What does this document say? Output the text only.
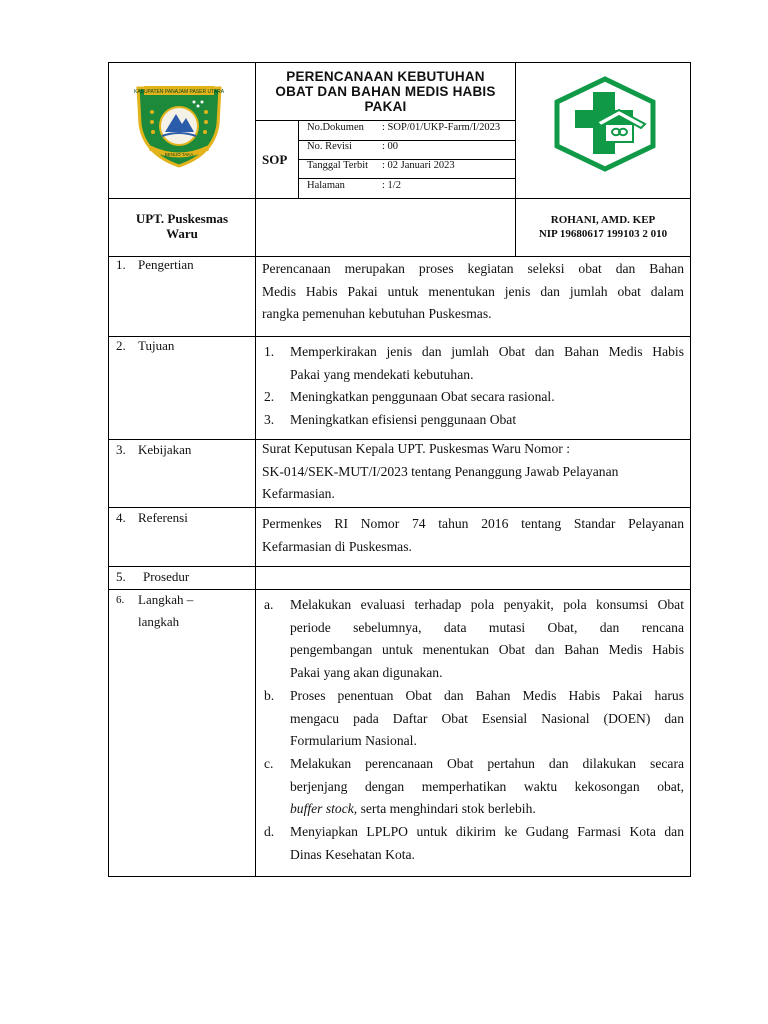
KABUPATEN PANAJAM PASER UTARA
BENUO TAKA
PERENCANAAN KEBUTUHAN
OBAT DAN BAHAN MEDIS HABIS
PAKAI
SOP
No.Dokumen : SOP/01/UKP-Farm/I/2023
No. Revisi	: 00
Tanggal Terbit : 02 Januari 2023
Halaman	: 1/2
UPT. Puskesmas
Waru
ROHANI, AMD. KEP
NIP 19680617 199103 2 010
1. Pengertian	Perencanaan merupakan proses kegiatan seleksi obat dan Bahan
Medis Habis Pakai untuk menentukan jenis dan jumlah obat dalam
rangka pemenuhan kebutuhan Puskesmas.
2. Tujuan	1. Memperkirakan jenis dan jumlah Obat dan Bahan Medis Habis
Pakai yang mendekati kebutuhan.
2. Meningkatkan penggunaan Obat secara rasional.
3. Meningkatkan efisiensi penggunaan Obat
3. Kebijakan	Surat Keputusan Kepala UPT. Puskesmas Waru Nomor :
SK-014/SEK-MUT/I/2023 tentang Penanggung Jawab Pelayanan
Kefarmasian.
4. Referensi	Permenkes RI Nomor 74 tahun 2016 tentang Standar Pelayanan
Kefarmasian di Puskesmas.
5. Prosedur
6. Langkah –
langkah
a. Melakukan evaluasi terhadap pola penyakit, pola konsumsi Obat
periode sebelumnya, data mutasi Obat, dan rencana
pengembangan untuk menentukan Obat dan Bahan Medis Habis
Pakai yang akan digunakan.
b. Proses penentuan Obat dan Bahan Medis Habis Pakai harus
mengacu pada Daftar Obat Esensial Nasional (DOEN) dan
Formularium Nasional.
c. Melakukan perencanaan Obat pertahun dan dilakukan secara
berjenjang dengan memperhatikan waktu kekosongan obat,
buffer stock, serta menghindari stok berlebih.
d. Menyiapkan LPLPO untuk dikirim ke Gudang Farmasi Kota dan
Dinas Kesehatan Kota.
